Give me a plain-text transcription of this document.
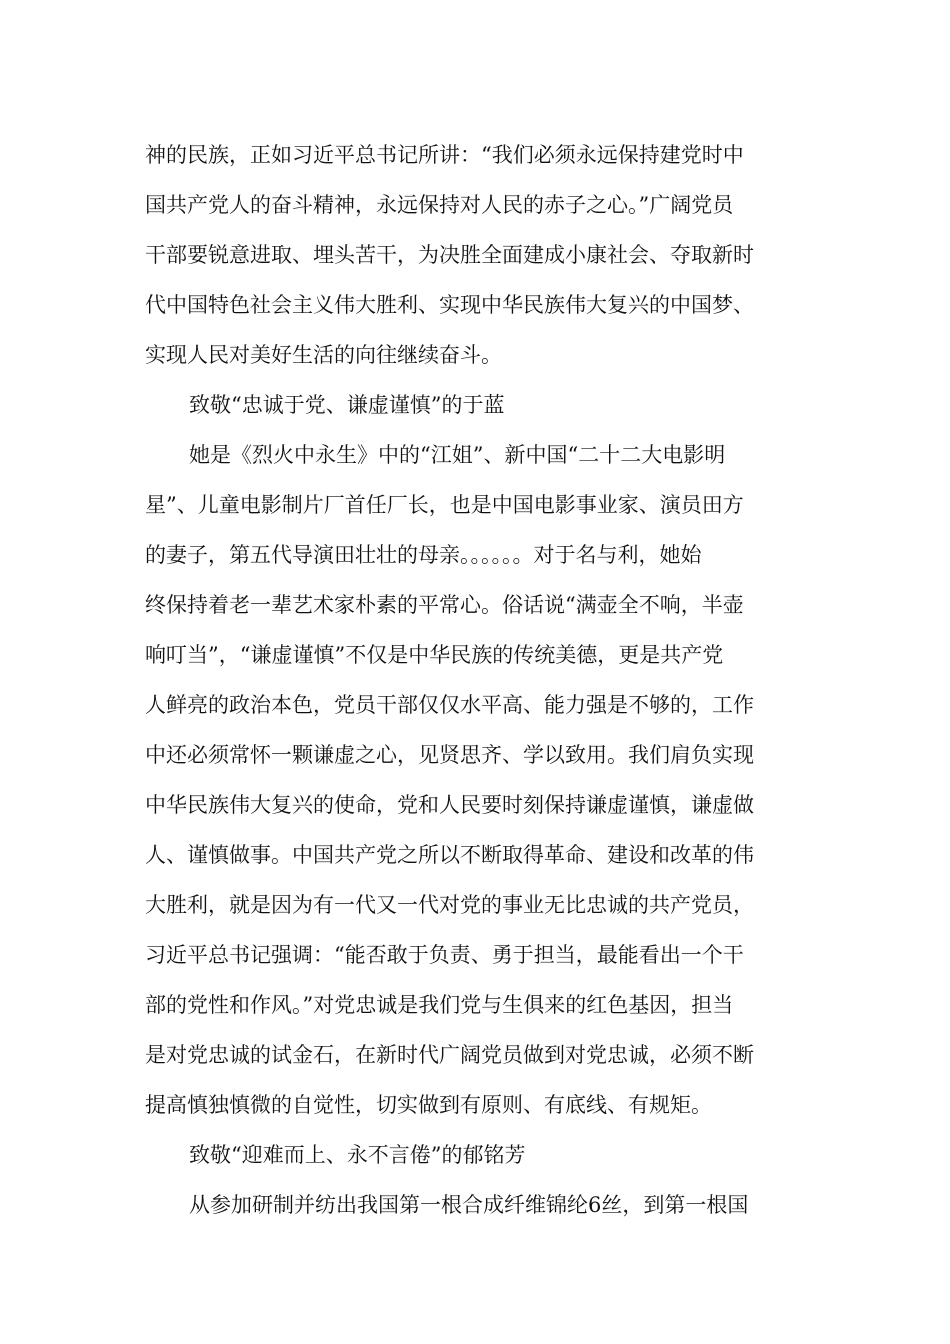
神的民族，正如习近平总书记所讲：“我们必须永远保持建党时中

国共产党人的奋斗精神，永远保持对人民的赤子之心。”广阔党员

干部要锐意进取、埋头苦干，为决胜全面建成小康社会、夺取新时

代中国特色社会主义伟大胜利、实现中华民族伟大复兴的中国梦、

实现人民对美好生活的向往继续奋斗。

致敬“忠诚于党、谦虚谨慎”的于蓝

她是《烈火中永生》中的“江姐”、新中国“二十二大电影明

星”、儿童电影制片厂首任厂长，也是中国电影事业家、演员田方

的妻子，第五代导演田壮壮的母亲。。。。。。对于名与利，她始

终保持着老一辈艺术家朴素的平常心。俗话说“满壶全不响，半壶

响叮当”，“谦虚谨慎”不仅是中华民族的传统美德，更是共产党

人鲜亮的政治本色，党员干部仅仅水平高、能力强是不够的，工作

中还必须常怀一颗谦虚之心，见贤思齐、学以致用。我们肩负实现

中华民族伟大复兴的使命，党和人民要时刻保持谦虚谨慎，谦虚做

人、谨慎做事。中国共产党之所以不断取得革命、建设和改革的伟

大胜利，就是因为有一代又一代对党的事业无比忠诚的共产党员，

习近平总书记强调：“能否敢于负责、勇于担当，最能看出一个干

部的党性和作风。”对党忠诚是我们党与生俱来的红色基因，担当

是对党忠诚的试金石，在新时代广阔党员做到对党忠诚，必须不断

提高慎独慎微的自觉性，切实做到有原则、有底线、有规矩。

致敬“迎难而上、永不言倦”的郁铭芳

从参加研制并纺出我国第一根合成纤维锦纶6丝，到第一根国
